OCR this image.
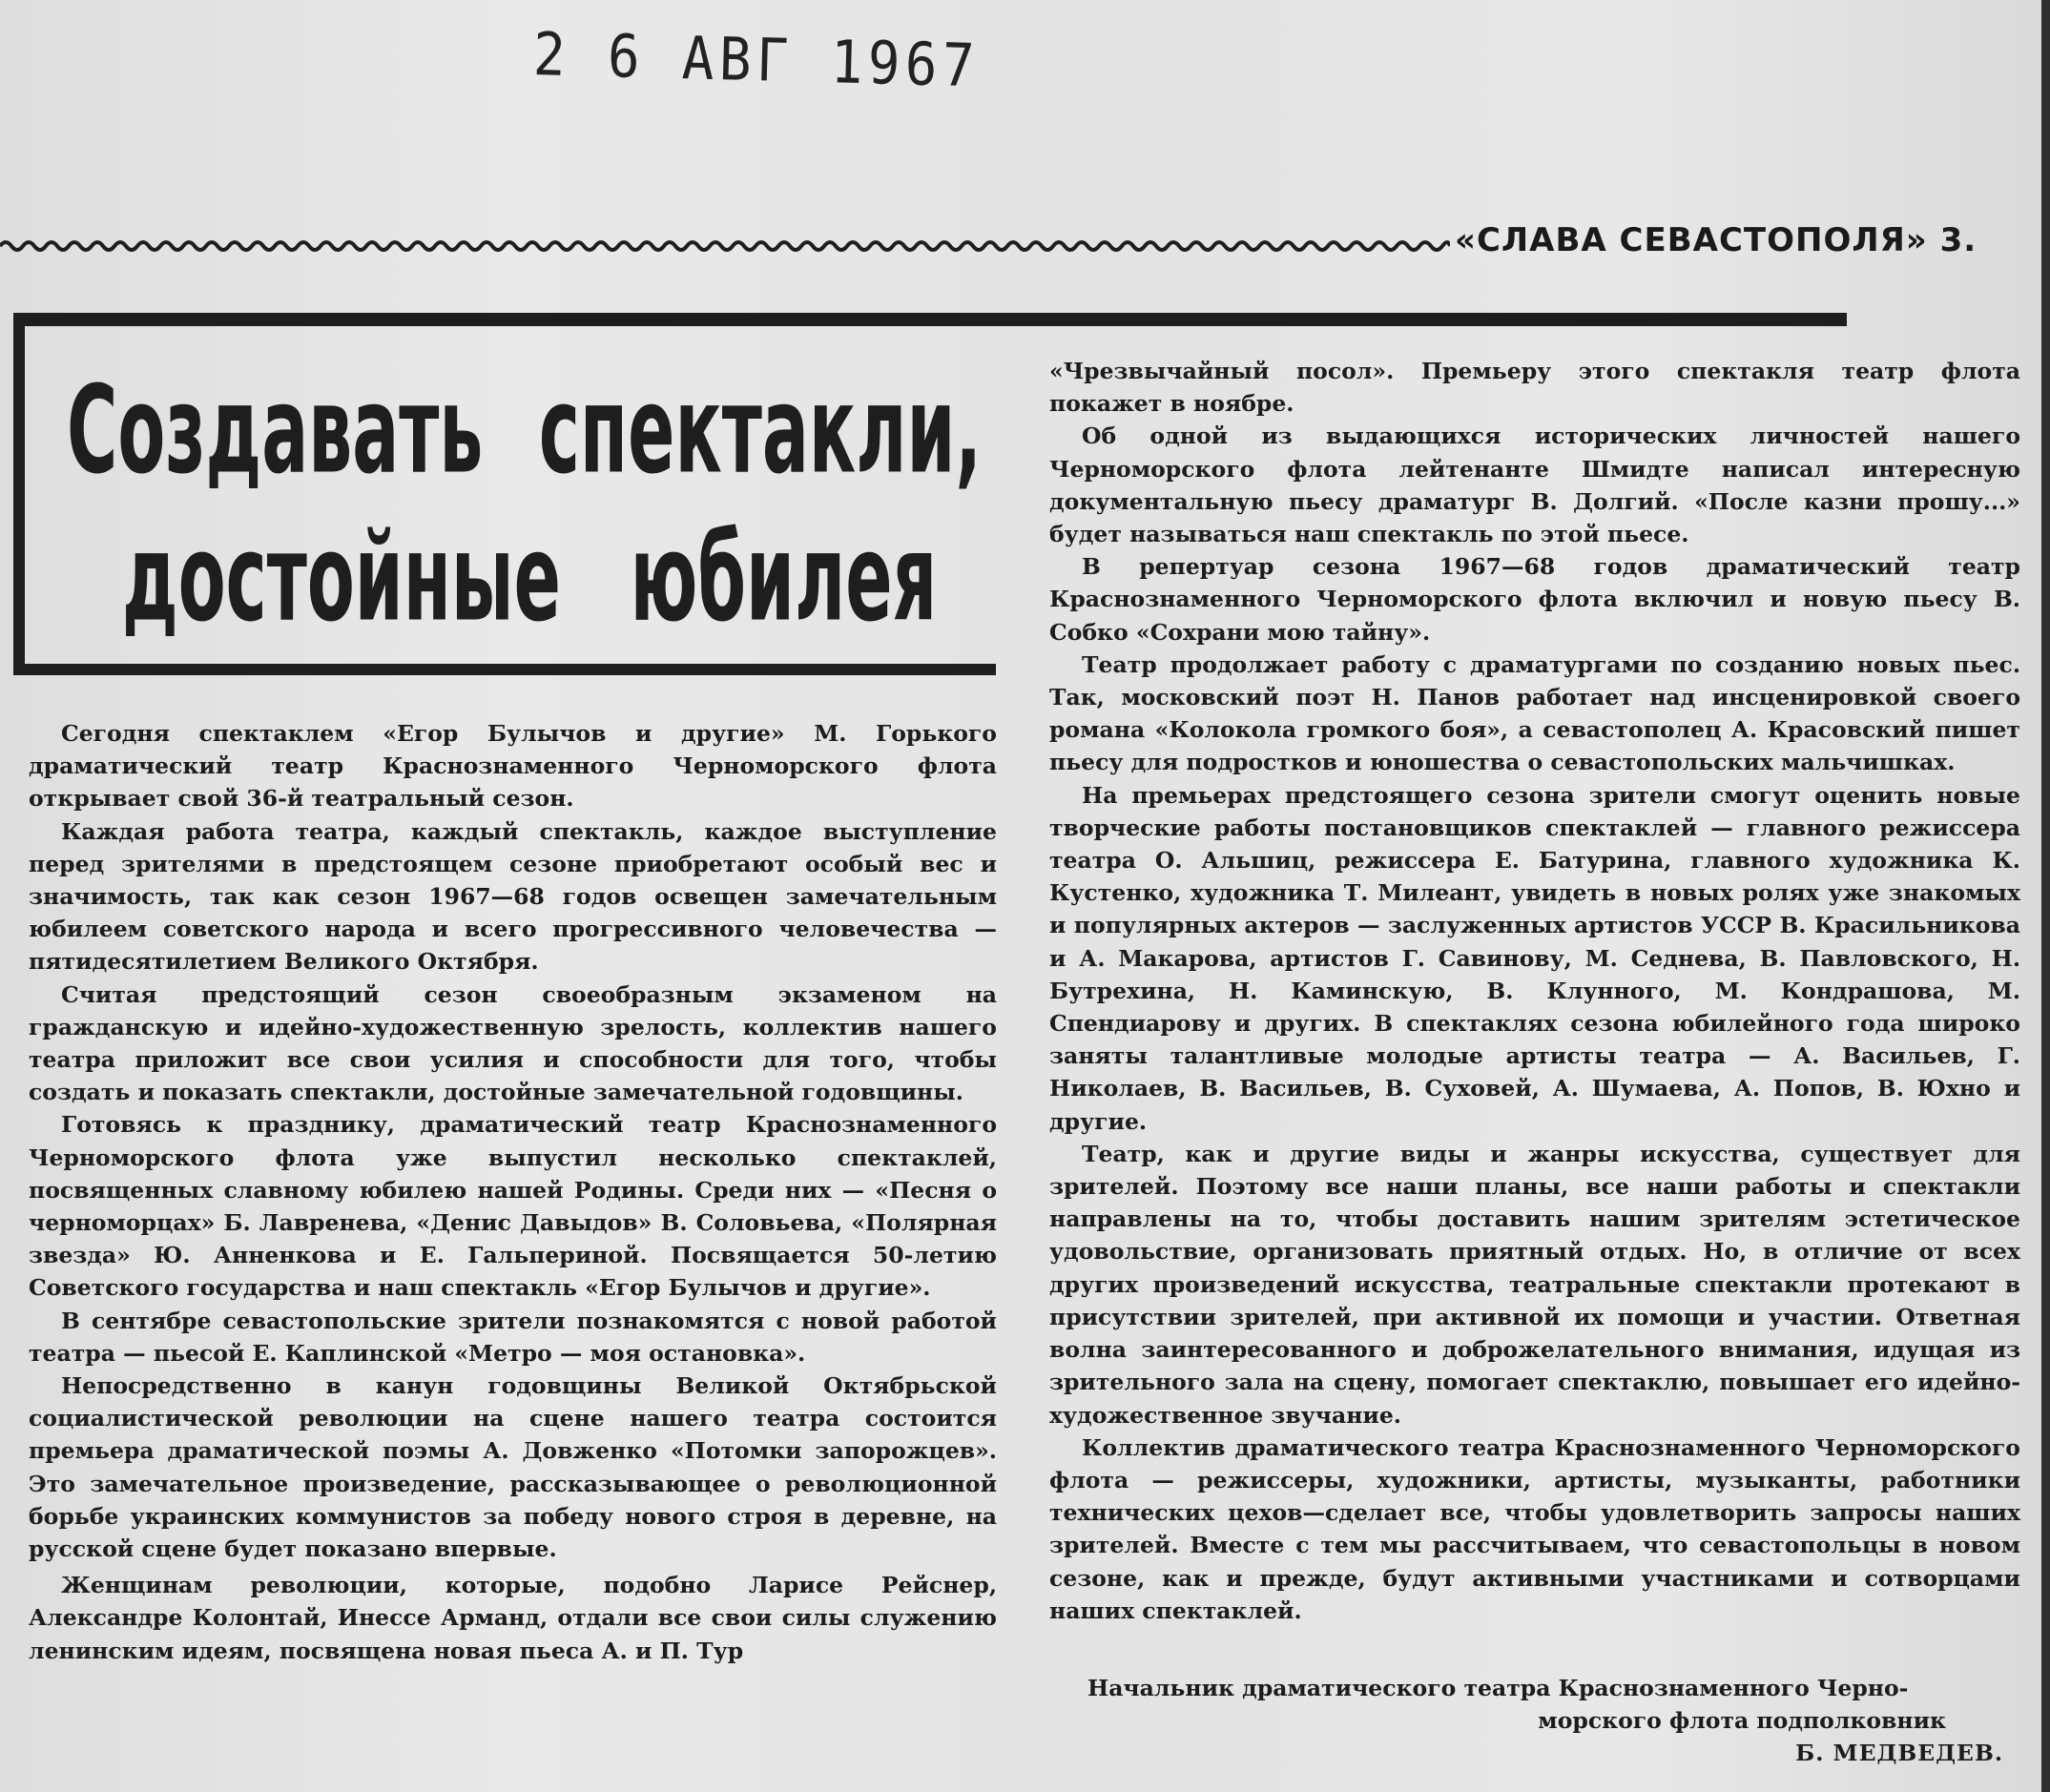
2 6 АВГ 1967
«СЛАВА СЕВАСТОПОЛЯ» 3.
Создавать спектакли,
достойные юбилея

Сегодня спектаклем «Егор Булычов и другие» М. Горького драматический театр Краснознаменного Черноморского флота открывает свой 36-й театральный сезон.

Каждая работа театра, каждый спектакль, каждое выступление перед зрителями в предстоящем сезоне приобретают особый вес и значимость, так как сезон 1967—68 годов освещен замечательным юбилеем советского народа и всего прогрессивного человечества — пятидесятилетием Великого Октября.

Считая предстоящий сезон своеобразным экзаменом на гражданскую и идейно-художественную зрелость, коллектив нашего театра приложит все свои усилия и способности для того, чтобы создать и показать спектакли, достойные замечательной годовщины.

Готовясь к празднику, драматический театр Краснознаменного Черноморского флота уже выпустил несколько спектаклей, посвященных славному юбилею нашей Родины. Среди них — «Песня о черноморцах» Б. Лавренева, «Денис Давыдов» В. Соловьева, «Полярная звезда» Ю. Анненкова и Е. Гальпериной. Посвящается 50-летию Советского государства и наш спектакль «Егор Булычов и другие».

В сентябре севастопольские зрители познакомятся с новой работой театра — пьесой Е. Каплинской «Метро — моя остановка».

Непосредственно в канун годовщины Великой Октябрьской социалистической революции на сцене нашего театра состоится премьера драматической поэмы А. Довженко «Потомки запорожцев». Это замечательное произведение, рассказывающее о революционной борьбе украинских коммунистов за победу нового строя в деревне, на русской сцене будет показано впервые.

Женщинам революции, которые, подобно Ларисе Рейснер, Александре Колонтай, Инессе Арманд, отдали все свои силы служению ленинским идеям, посвящена новая пьеса А. и П. Тур

«Чрезвычайный посол». Премьеру этого спектакля театр флота покажет в ноябре.

Об одной из выдающихся исторических личностей нашего Черноморского флота лейтенанте Шмидте написал интересную документальную пьесу драматург В. Долгий. «После казни прошу...» будет называться наш спектакль по этой пьесе.

В репертуар сезона 1967—68 годов драматический театр Краснознаменного Черноморского флота включил и новую пьесу В. Собко «Сохрани мою тайну».

Театр продолжает работу с драматургами по созданию новых пьес. Так, московский поэт Н. Панов работает над инсценировкой своего романа «Колокола громкого боя», а севастополец А. Красовский пишет пьесу для подростков и юношества о севастопольских мальчишках.

На премьерах предстоящего сезона зрители смогут оценить новые творческие работы постановщиков спектаклей — главного режиссера театра О. Альшиц, режиссера Е. Батурина, главного художника К. Кустенко, художника Т. Милеант, увидеть в новых ролях уже знакомых и популярных актеров — заслуженных артистов УССР В. Красильникова и А. Макарова, артистов Г. Савинову, М. Седнева, В. Павловского, Н. Бутрехина, Н. Каминскую, В. Клунного, М. Кондрашова, М. Спендиарову и других. В спектаклях сезона юбилейного года широко заняты талантливые молодые артисты театра — А. Васильев, Г. Николаев, В. Васильев, В. Суховей, А. Шумаева, А. Попов, В. Юхно и другие.

Театр, как и другие виды и жанры искусства, существует для зрителей. Поэтому все наши планы, все наши работы и спектакли направлены на то, чтобы доставить нашим зрителям эстетическое удовольствие, организовать приятный отдых. Но, в отличие от всех других произведений искусства, театральные спектакли протекают в присутствии зрителей, при активной их помощи и участии. Ответная волна заинтересованного и доброжелательного внимания, идущая из зрительного зала на сцену, помогает спектаклю, повышает его идейно-художественное звучание.

Коллектив драматического театра Краснознаменного Черноморского флота — режиссеры, художники, артисты, музыканты, работники технических цехов—сделает все, чтобы удовлетворить запросы наших зрителей. Вместе с тем мы рассчитываем, что севастопольцы в новом сезоне, как и прежде, будут активными участниками и сотворцами наших спектаклей.

Начальник драматического театра Краснознаменного Черно-
морского флота подполковник
Б. МЕДВЕДЕВ.
